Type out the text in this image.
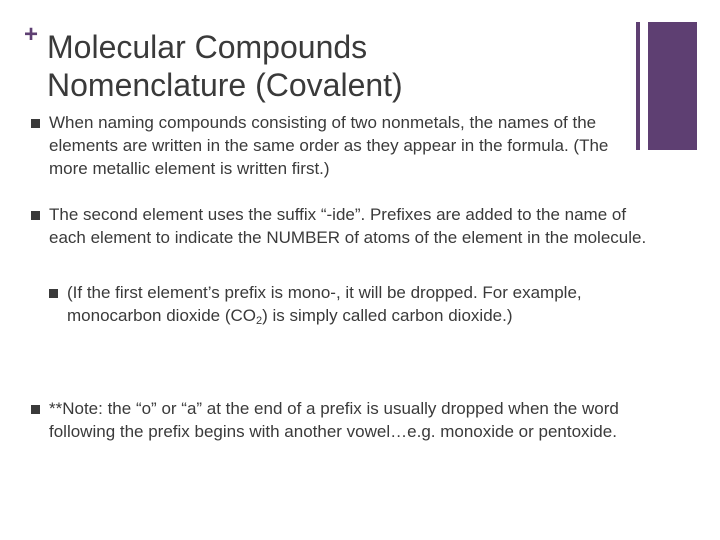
+ Molecular Compounds
Nomenclature (Covalent)
When naming compounds consisting of two nonmetals, the names of the elements are written in the same order as they appear in the formula. (The more metallic element is written first.)
The second element uses the suffix “-ide”. Prefixes are added to the name of each element to indicate the NUMBER of atoms of the element in the molecule.
(If the first element’s prefix is mono-, it will be dropped. For example, monocarbon dioxide $(CO_2)$ is simply called carbon dioxide.)
**Note: the “o” or “a” at the end of a prefix is usually dropped when the word following the prefix begins with another vowel…e.g. monoxide or pentoxide.
